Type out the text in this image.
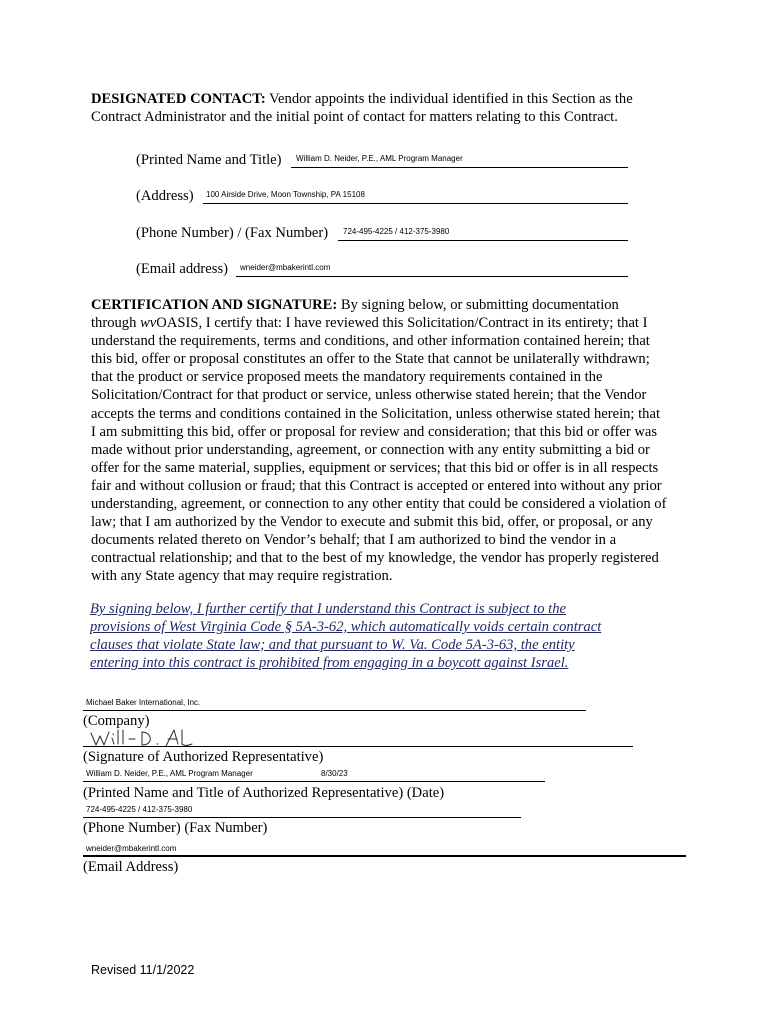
DESIGNATED CONTACT: Vendor appoints the individual identified in this Section as the
Contract Administrator and the initial point of contact for matters relating to this Contract.
(Printed Name and Title) William D. Neider, P.E., AML Program Manager
(Address) 100 Airside Drive, Moon Township, PA 15108
(Phone Number) / (Fax Number) 724-495-4225 / 412-375-3980
(Email address) wneider@mbakerintl.com
CERTIFICATION AND SIGNATURE: By signing below, or submitting documentation
through wvOASIS, I certify that: I have reviewed this Solicitation/Contract in its entirety; that I
understand the requirements, terms and conditions, and other information contained herein; that
this bid, offer or proposal constitutes an offer to the State that cannot be unilaterally withdrawn;
that the product or service proposed meets the mandatory requirements contained in the
Solicitation/Contract for that product or service, unless otherwise stated herein; that the Vendor
accepts the terms and conditions contained in the Solicitation, unless otherwise stated herein; that
I am submitting this bid, offer or proposal for review and consideration; that this bid or offer was
made without prior understanding, agreement, or connection with any entity submitting a bid or
offer for the same material, supplies, equipment or services; that this bid or offer is in all respects
fair and without collusion or fraud; that this Contract is accepted or entered into without any prior
understanding, agreement, or connection to any other entity that could be considered a violation of
law; that I am authorized by the Vendor to execute and submit this bid, offer, or proposal, or any
documents related thereto on Vendor’s behalf; that I am authorized to bind the vendor in a
contractual relationship; and that to the best of my knowledge, the vendor has properly registered
with any State agency that may require registration.
By signing below, I further certify that I understand this Contract is subject to the
provisions of West Virginia Code § 5A-3-62, which automatically voids certain contract
clauses that violate State law; and that pursuant to W. Va. Code 5A-3-63, the entity
entering into this contract is prohibited from engaging in a boycott against Israel.
Michael Baker International, Inc.
(Company)
(Signature of Authorized Representative)
William D. Neider, P.E., AML Program Manager	8/30/23
(Printed Name and Title of Authorized Representative) (Date)
724-495-4225 / 412-375-3980
(Phone Number) (Fax Number)
wneider@mbakerintl.com
(Email Address)
Revised 11/1/2022
